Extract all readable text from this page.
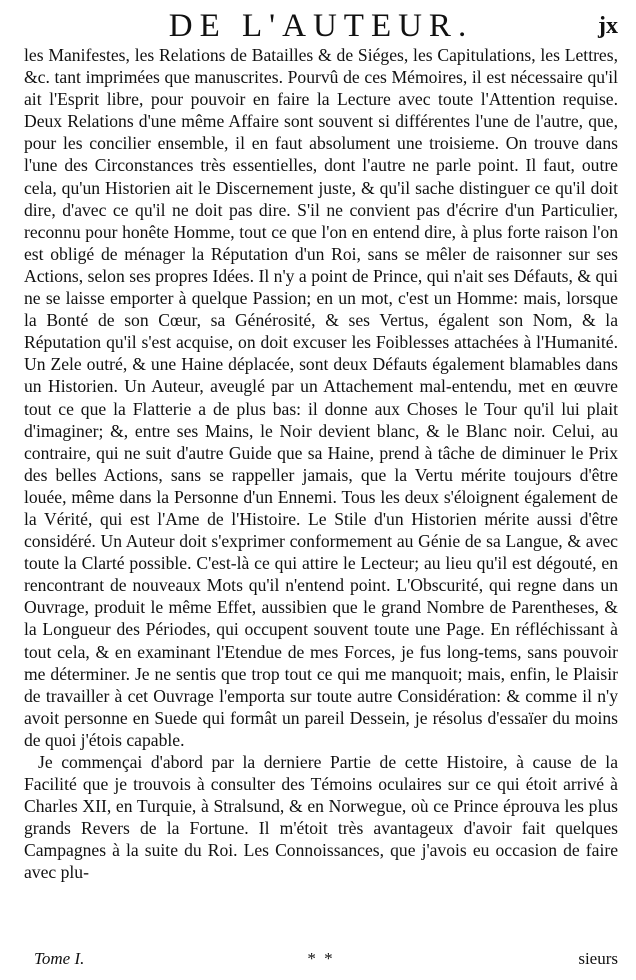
DE L'AUTEUR.	jx

les Manifestes, les Relations de Batailles & de Siéges, les Capitulations, les Lettres, &c. tant imprimées que manuscrites. Pourvû de ces Mémoires, il est nécessaire qu'il ait l'Esprit libre, pour pouvoir en faire la Lecture avec toute l'Attention requise. Deux Relations d'une même Affaire sont souvent si différentes l'une de l'autre, que, pour les concilier ensemble, il en faut absolument une troisieme. On trouve dans l'une des Circonstances très essentielles, dont l'autre ne parle point. Il faut, outre cela, qu'un Historien ait le Discernement juste, & qu'il sache distinguer ce qu'il doit dire, d'avec ce qu'il ne doit pas dire. S'il ne convient pas d'écrire d'un Particulier, reconnu pour honête Homme, tout ce que l'on en entend dire, à plus forte raison l'on est obligé de ménager la Réputation d'un Roi, sans se mêler de raisonner sur ses Actions, selon ses propres Idées. Il n'y a point de Prince, qui n'ait ses Défauts, & qui ne se laisse emporter à quelque Passion; en un mot, c'est un Homme: mais, lorsque la Bonté de son Cœur, sa Générosité, & ses Vertus, égalent son Nom, & la Réputation qu'il s'est acquise, on doit excuser les Foiblesses attachées à l'Humanité. Un Zele outré, & une Haine déplacée, sont deux Défauts également blamables dans un Historien. Un Auteur, aveuglé par un Attachement mal-entendu, met en œuvre tout ce que la Flatterie a de plus bas: il donne aux Choses le Tour qu'il lui plait d'imaginer; &, entre ses Mains, le Noir devient blanc, & le Blanc noir. Celui, au contraire, qui ne suit d'autre Guide que sa Haine, prend à tâche de diminuer le Prix des belles Actions, sans se rappeller jamais, que la Vertu mérite toujours d'être louée, même dans la Personne d'un Ennemi. Tous les deux s'éloignent également de la Vérité, qui est l'Ame de l'Histoire. Le Stile d'un Historien mérite aussi d'être considéré. Un Auteur doit s'exprimer conformement au Génie de sa Langue, & avec toute la Clarté possible. C'est-là ce qui attire le Lecteur; au lieu qu'il est dégouté, en rencontrant de nouveaux Mots qu'il n'entend point. L'Obscurité, qui regne dans un Ouvrage, produit le même Effet, aussibien que le grand Nombre de Parentheses, & la Longueur des Périodes, qui occupent souvent toute une Page. En réfléchissant à tout cela, & en examinant l'Etendue de mes Forces, je fus long-tems, sans pouvoir me déterminer. Je ne sentis que trop tout ce qui me manquoit; mais, enfin, le Plaisir de travailler à cet Ouvrage l'emporta sur toute autre Considération: & comme il n'y avoit personne en Suede qui formât un pareil Dessein, je résolus d'essaïer du moins de quoi j'étois capable.

Je commençai d'abord par la derniere Partie de cette Histoire, à cause de la Facilité que je trouvois à consulter des Témoins oculaires sur ce qui étoit arrivé à Charles XII, en Turquie, à Stralsund, & en Norwegue, où ce Prince éprouva les plus grands Revers de la Fortune. Il m'étoit très avantageux d'avoir fait quelques Campagnes à la suite du Roi. Les Connoissances, que j'avois eu occasion de faire avec plu-

Tome I.	* *	sieurs
